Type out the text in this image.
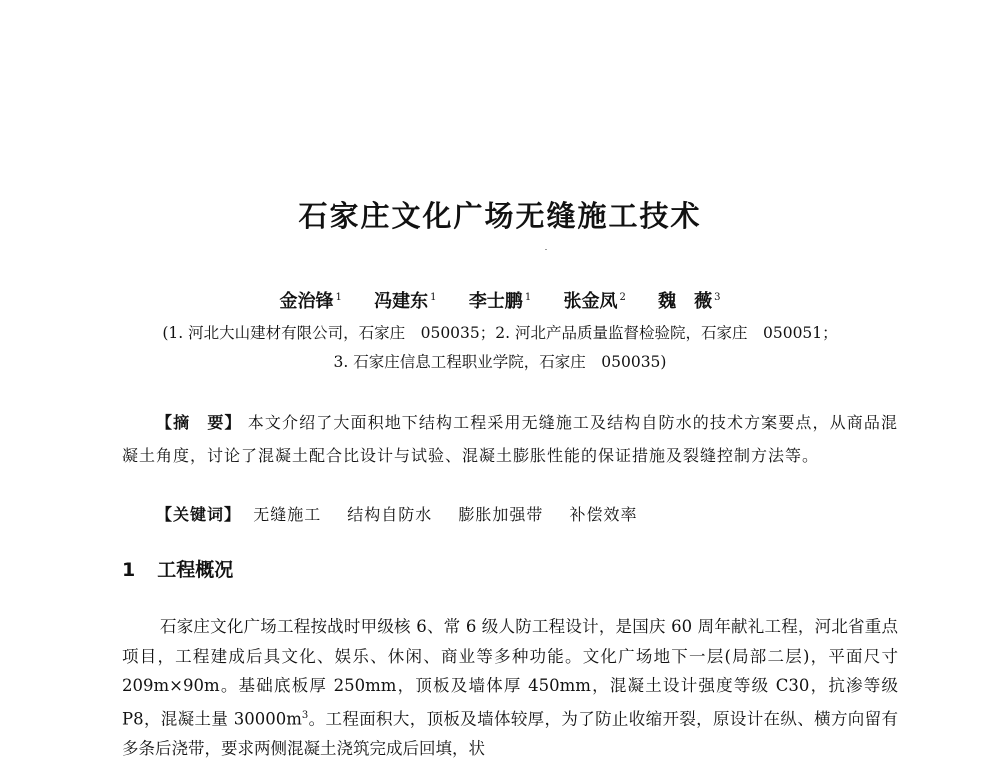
石家庄文化广场无缝施工技术
金治锋 $^1$ 冯建东 $^1$ 李士鹏 $^1$ 张金凤 $^2$ 魏　薇 $^3$
(1. 河北大山建材有限公司，石家庄　050035；2. 河北产品质量监督检验院，石家庄　050051；
3. 石家庄信息工程职业学院，石家庄　050035)
【摘　要】 本文介绍了大面积地下结构工程采用无缝施工及结构自防水的技术方案要点，从商品混凝土角度，讨论了混凝土配合比设计与试验、混凝土膨胀性能的保证措施及裂缝控制方法等。
【关键词】 无缝施工 结构自防水 膨胀加强带 补偿效率
1 工程概况
石家庄文化广场工程按战时甲级核 6、常 6 级人防工程设计，是国庆 60 周年献礼工程，河北省重点项目，工程建成后具文化、娱乐、休闲、商业等多种功能。文化广场地下一层(局部二层)，平面尺寸 209m×90m。基础底板厚 250mm，顶板及墙体厚 450mm，混凝土设计强度等级 C30，抗渗等级 P8，混凝土量 $30000m^3$。工程面积大，顶板及墙体较厚，为了防止收缩开裂，原设计在纵、横方向留有多条后浇带，要求两侧混凝土浇筑完成后回填，状
